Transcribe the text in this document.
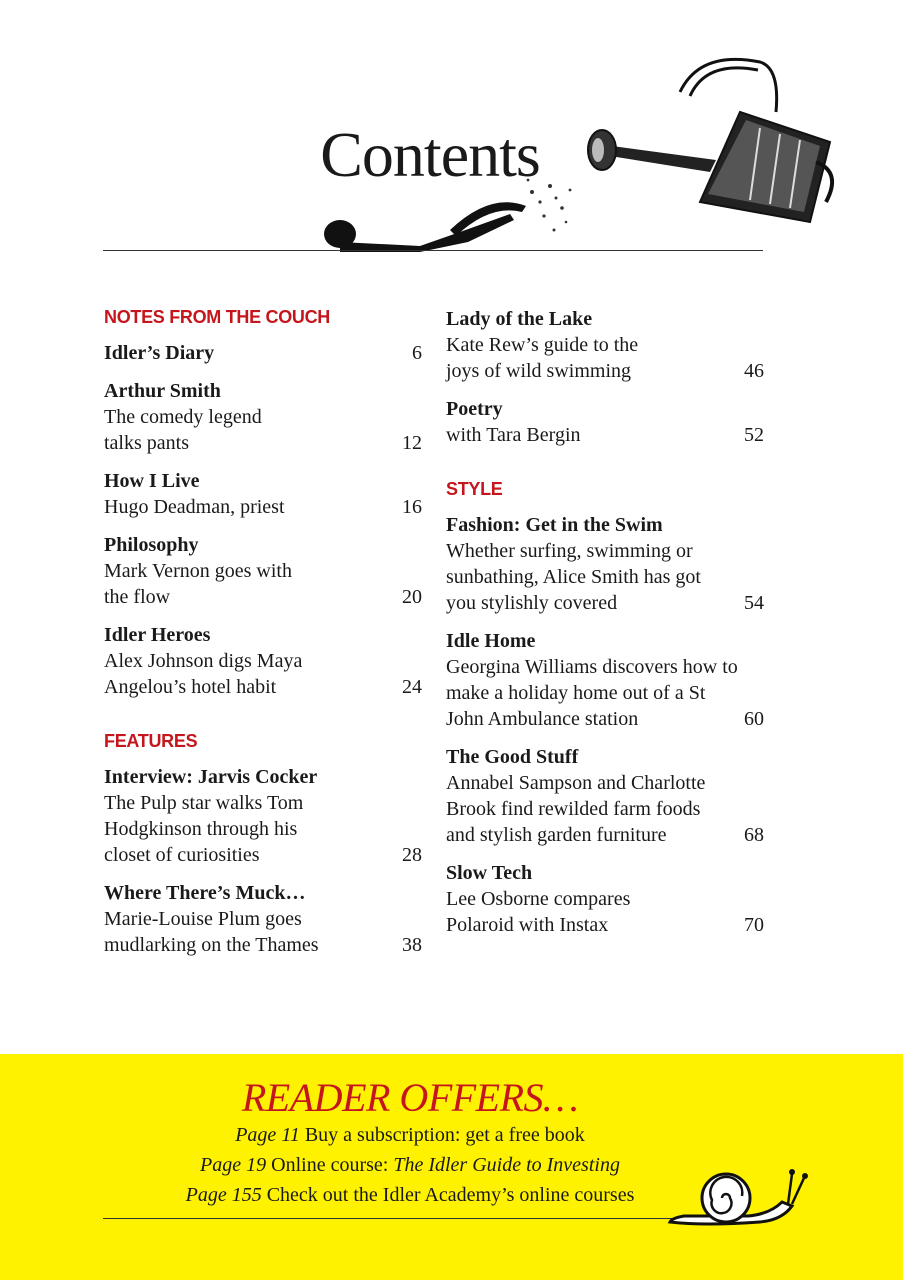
Contents
NOTES FROM THE COUCH
Idler’s Diary	6
Arthur Smith
The comedy legend talks pants	12
How I Live
Hugo Deadman, priest	16
Philosophy
Mark Vernon goes with the flow	20
Idler Heroes
Alex Johnson digs Maya Angelou’s hotel habit	24
FEATURES
Interview: Jarvis Cocker
The Pulp star walks Tom Hodgkinson through his closet of curiosities	28
Where There’s Muck…
Marie-Louise Plum goes mudlarking on the Thames	38
Lady of the Lake
Kate Rew’s guide to the joys of wild swimming	46
Poetry
with Tara Bergin	52
STYLE
Fashion: Get in the Swim
Whether surfing, swimming or sunbathing, Alice Smith has got you stylishly covered	54
Idle Home
Georgina Williams discovers how to make a holiday home out of a St John Ambulance station	60
The Good Stuff
Annabel Sampson and Charlotte Brook find rewilded farm foods and stylish garden furniture	68
Slow Tech
Lee Osborne compares Polaroid with Instax	70
READER OFFERS…
Page 11 Buy a subscription: get a free book
Page 19 Online course: The Idler Guide to Investing
Page 155 Check out the Idler Academy’s online courses
